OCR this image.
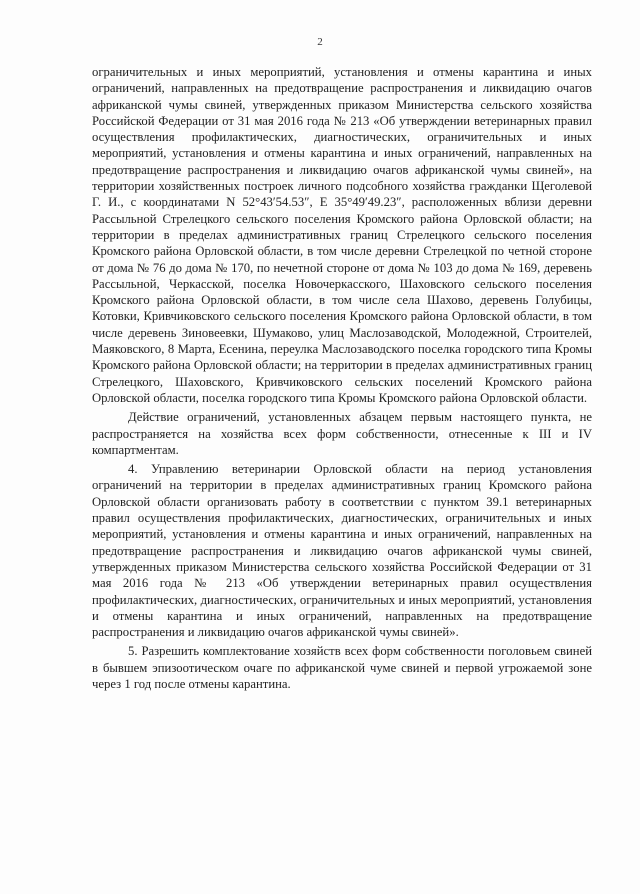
2

ограничительных и иных мероприятий, установления и отмены карантина и иных ограничений, направленных на предотвращение распространения и ликвидацию очагов африканской чумы свиней, утвержденных приказом Министерства сельского хозяйства Российской Федерации от 31 мая 2016 года № 213 «Об утверждении ветеринарных правил осуществления профилактических, диагностических, ограничительных и иных мероприятий, установления и отмены карантина и иных ограничений, направленных на предотвращение распространения и ликвидацию очагов африканской чумы свиней», на территории хозяйственных построек личного подсобного хозяйства гражданки Щеголевой Г. И., с координатами N 52°43′54.53″, Е 35°49′49.23″, расположенных вблизи деревни Рассыльной Стрелецкого сельского поселения Кромского района Орловской области; на территории в пределах административных границ Стрелецкого сельского поселения Кромского района Орловской области, в том числе деревни Стрелецкой по четной стороне от дома № 76 до дома № 170, по нечетной стороне от дома № 103 до дома № 169, деревень Рассыльной, Черкасской, поселка Новочеркасского, Шаховского сельского поселения Кромского района Орловской области, в том числе села Шахово, деревень Голубицы, Котовки, Кривчиковского сельского поселения Кромского района Орловской области, в том числе деревень Зиновеевки, Шумаково, улиц Маслозаводской, Молодежной, Строителей, Маяковского, 8 Марта, Есенина, переулка Маслозаводского поселка городского типа Кромы Кромского района Орловской области; на территории в пределах административных границ Стрелецкого, Шаховского, Кривчиковского сельских поселений Кромского района Орловской области, поселка городского типа Кромы Кромского района Орловской области.

Действие ограничений, установленных абзацем первым настоящего пункта, не распространяется на хозяйства всех форм собственности, отнесенные к III и IV компартментам.

4. Управлению ветеринарии Орловской области на период установления ограничений на территории в пределах административных границ Кромского района Орловской области организовать работу в соответствии с пунктом 39.1 ветеринарных правил осуществления профилактических, диагностических, ограничительных и иных мероприятий, установления и отмены карантина и иных ограничений, направленных на предотвращение распространения и ликвидацию очагов африканской чумы свиней, утвержденных приказом Министерства сельского хозяйства Российской Федерации от 31 мая 2016 года № 213 «Об утверждении ветеринарных правил осуществления профилактических, диагностических, ограничительных и иных мероприятий, установления и отмены карантина и иных ограничений, направленных на предотвращение распространения и ликвидацию очагов африканской чумы свиней».

5. Разрешить комплектование хозяйств всех форм собственности поголовьем свиней в бывшем эпизоотическом очаге по африканской чуме свиней и первой угрожаемой зоне через 1 год после отмены карантина.
